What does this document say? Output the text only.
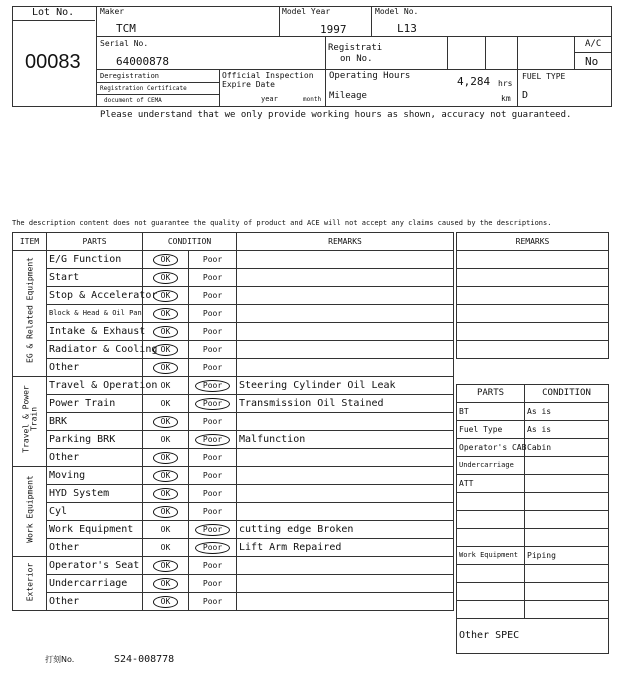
Lot No.
00083
Maker
TCM
Model Year
1997
Model No.
L13
Serial No.
64000878
Registrati
on No.
A/C
No
Deregistration
Registration Certificate
document of CEMA
Official Inspection
Expire Date
year	month
Operating Hours	4,284 hrs
Mileage	km
FUEL TYPE
D
Please understand that we only provide working hours as shown, accuracy not guaranteed.
The description content does not guarantee the quality of product and ACE will not accept any claims caused by the descriptions.
ITEM	PARTS	CONDITION		REMARKS

EG & Related Equipment	E/G Function	OK	Poor	
	Start	OK	Poor	
	Stop & Accelerator	OK	Poor	
	Block & Head & Oil Pan	OK	Poor	
	Intake & Exhaust	OK	Poor	
	Radiator & Cooling	OK	Poor	
	Other	OK	Poor	

Travel & Power Train	Travel & Operation	OK	Poor	Steering Cylinder Oil Leak
	Power Train	OK	Poor	Transmission Oil Stained
	BRK	OK	Poor	
	Parking BRK	OK	Poor	Malfunction
	Other	OK	Poor	

Work Equipment	Moving	OK	Poor	
	HYD System	OK	Poor	
	Cyl	OK	Poor	
	Work Equipment	OK	Poor	cutting edge Broken
	Other	OK	Poor	Lift Arm Repaired

Exterior	Operator's Seat	OK	Poor	
	Undercarriage	OK	Poor	
	Other	OK	Poor	
REMARKS

PARTS	CONDITION
BT	As is
Fuel Type	As is
Operator's CAB	Cabin
Undercarriage	
ATT	

Work Equipment	Piping

Other SPEC	
打刻No.	S24-008778
